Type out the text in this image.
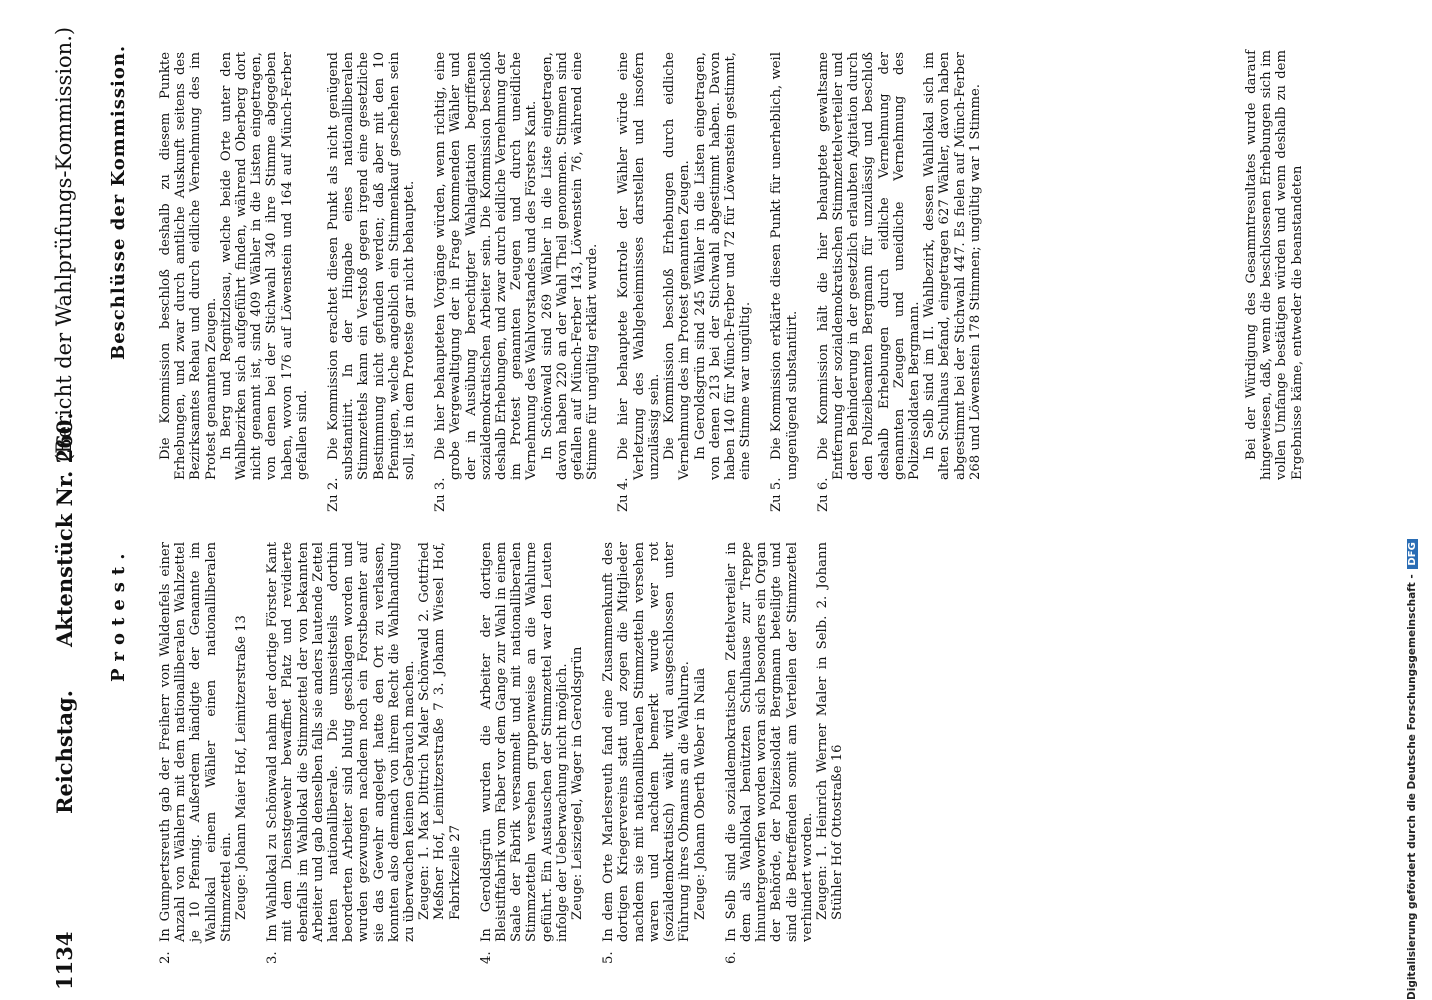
1134
Reichstag.
Aktenstück Nr. 260.
(Bericht der Wahlprüfungs-Kommission.)
Protest.
Beschlüsse der Kommission.
2.

In Gumpertsreuth gab der Freiherr von Waldenfels einer Anzahl von Wählern mit dem nationalliberalen Wahlzettel je 10 Pfennig. Außerdem händigte der Genannte im Wahllokal einem Wähler einen nationalliberalen Stimmzettel ein. Zeuge: Johann Maier Hof, Leimitzerstraße 13

3.

Im Wahllokal zu Schönwald nahm der dortige Förster Kant mit dem Dienstgewehr bewaffnet Platz und revidierte ebenfalls im Wahllokal die Stimmzettel der von bekannten Arbeiter und gab denselben falls sie anders lautende Zettel hatten nationalliberale. Die umseitsteils dorthin beorderten Arbeiter sind blutig geschlagen worden und wurden gezwungen nachdem noch ein Forstbeamter auf sie das Gewehr angelegt hatte den Ort zu verlassen, konnten also demnach von ihrem Recht die Wahlhandlung zu überwachen keinen Gebrauch machen. Zeugen: 1. Max Dittrich Maler Schönwald 2. Gottfried Meßner Hof, Leimitzerstraße 7 3. Johann Wiesel Hof, Fabrikzeile 27

4.

In Geroldsgrün wurden die Arbeiter der dortigen Bleistiftfabrik vom Faber vor dem Gange zur Wahl in einem Saale der Fabrik versammelt und mit nationalliberalen Stimmzetteln versehen gruppenweise an die Wahlurne geführt. Ein Austauschen der Stimmzettel war den Leuten infolge der Ueberwachung nicht möglich. Zeuge: Leisziegel, Wager in Geroldsgrün

5.

In dem Orte Marlesreuth fand eine Zusammenkunft des dortigen Kriegervereins statt und zogen die Mitglieder nachdem sie mit nationalliberalen Stimmzetteln versehen waren und nachdem bemerkt wurde wer rot (sozialdemokratisch) wählt wird ausgeschlossen unter Führung ihres Obmanns an die Wahlurne. Zeuge: Johann Oberth Weber in Naila

6.

In Selb sind die sozialdemokratischen Zettelverteiler in dem als Wahllokal benützten Schulhause zur Treppe hinuntergeworfen worden woran sich besonders ein Organ der Behörde, der Polizeisoldat Bergmann beteiligte und sind die Betreffenden somit am Verteilen der Stimmzettel verhindert worden. Zeugen: 1. Heinrich Werner Maler in Selb. 2. Johann Stühler Hof Ottostraße 16

Die Kommission beschloß deshalb zu diesem Punkte Erhebungen, und zwar durch amtliche Auskunft seitens des Bezirksamtes Rehau und durch eidliche Vernehmung des im Protest genannten Zeugen. In Berg und Regnitzlosau, welche beide Orte unter den Wahlbezirken sich aufgeführt finden, während Oberberg dort nicht genannt ist, sind 409 Wähler in die Listen eingetragen, von denen bei der Stichwahl 340 ihre Stimme abgegeben haben, wovon 176 auf Löwenstein und 164 auf Münch-Ferber gefallen sind.

Zu 2.

Die Kommission erachtet diesen Punkt als nicht genügend substantiirt. In der Hingabe eines nationalliberalen Stimmzettels kann ein Verstoß gegen irgend eine gesetzliche Bestimmung nicht gefunden werden; daß aber mit den 10 Pfennigen, welche angeblich ein Stimmenkauf geschehen sein soll, ist in dem Proteste gar nicht behauptet.

Zu 3.

Die hier behaupteten Vorgänge würden, wenn richtig, eine grobe Vergewaltigung der in Frage kommenden Wähler und der in Ausübung berechtigter Wahlagitation begriffenen sozialdemokratischen Arbeiter sein. Die Kommission beschloß deshalb Erhebungen, und zwar durch eidliche Vernehmung der im Protest genannten Zeugen und durch uneidliche Vernehmung des Wahlvorstandes und des Försters Kant. In Schönwald sind 269 Wähler in die Liste eingetragen, davon haben 220 an der Wahl Theil genommen. Stimmen sind gefallen auf Münch-Ferber 143, Löwenstein 76, während eine Stimme für ungültig erklärt wurde.

Zu 4.

Die hier behauptete Kontrole der Wähler würde eine Verletzung des Wahlgeheimnisses darstellen und insofern unzulässig sein. Die Kommission beschloß Erhebungen durch eidliche Vernehmung des im Protest genannten Zeugen. In Geroldsgrün sind 245 Wähler in die Listen eingetragen, von denen 213 bei der Stichwahl abgestimmt haben. Davon haben 140 für Münch-Ferber und 72 für Löwenstein gestimmt, eine Stimme war ungültig.

Zu 5.

Die Kommission erklärte diesen Punkt für unerheblich, weil ungenügend substantiirt.

Zu 6.

Die Kommission hält die hier behauptete gewaltsame Entfernung der sozialdemokratischen Stimmzettelverteiler und deren Behinderung in der gesetzlich erlaubten Agitation durch den Polizeibeamten Bergmann für unzulässig und beschloß deshalb Erhebungen durch eidliche Vernehmung der genannten Zeugen und uneidliche Vernehmung des Polizeisoldaten Bergmann. In Selb sind im II. Wahlbezirk, dessen Wahllokal sich im alten Schulhaus befand, eingetragen 627 Wähler, davon haben abgestimmt bei der Stichwahl 447. Es fielen auf Münch-Ferber 268 und Löwenstein 178 Stimmen; ungültig war 1 Stimme.	Bei der Würdigung des Gesammtresultates wurde darauf hingewiesen, daß, wenn die beschlossenen Erhebungen sich im vollen Umfange bestätigen würden und wenn deshalb zu dem Ergebnisse käme, entweder die beanstandeten

Digitalisierung gefördert durch die Deutsche Forschungsgemeinschaft - DFG
